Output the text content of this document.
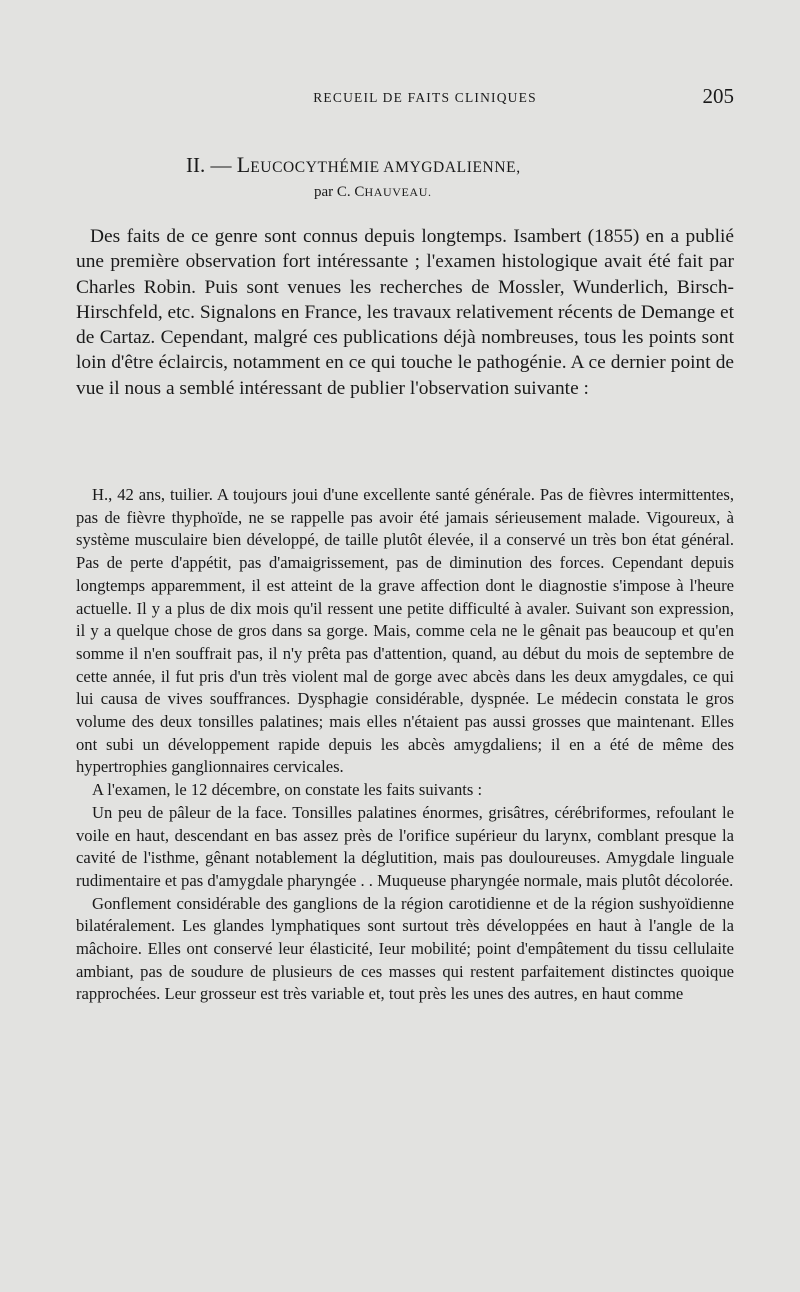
RECUEIL DE FAITS CLINIQUES	205
II. — LEUCOCYTHÉMIE AMYGDALIENNE,
par C. CHAUVEAU.

Des faits de ce genre sont connus depuis longtemps. Isambert (1855) en a publié une première observation fort intéressante ; l'examen histologique avait été fait par Charles Robin. Puis sont venues les recherches de Mossler, Wunderlich, Birsch-Hirschfeld, etc. Signalons en France, les travaux relativement récents de Demange et de Cartaz. Cependant, malgré ces publications déjà nombreuses, tous les points sont loin d'être éclaircis, notamment en ce qui touche le pathogénie. A ce dernier point de vue il nous a semblé intéressant de publier l'observation suivante :

H., 42 ans, tuilier. A toujours joui d'une excellente santé générale. Pas de fièvres intermittentes, pas de fièvre thyphoïde, ne se rappelle pas avoir été jamais sérieusement malade. Vigoureux, à système musculaire bien développé, de taille plutôt élevée, il a conservé un très bon état général. Pas de perte d'appétit, pas d'amaigrissement, pas de diminution des forces. Cependant depuis longtemps apparemment, il est atteint de la grave affection dont le diagnostie s'impose à l'heure actuelle. Il y a plus de dix mois qu'il ressent une petite difficulté à avaler. Suivant son expression, il y a quelque chose de gros dans sa gorge. Mais, comme cela ne le gênait pas beaucoup et qu'en somme il n'en souffrait pas, il n'y prêta pas d'attention, quand, au début du mois de septembre de cette année, il fut pris d'un très violent mal de gorge avec abcès dans les deux amygdales, ce qui lui causa de vives souffrances. Dysphagie considérable, dyspnée. Le médecin constata le gros volume des deux tonsilles palatines; mais elles n'étaient pas aussi grosses que maintenant. Elles ont subi un développement rapide depuis les abcès amygdaliens; il en a été de même des hypertrophies ganglionnaires cervicales.

A l'examen, le 12 décembre, on constate les faits suivants :

Un peu de pâleur de la face. Tonsilles palatines énormes, grisâtres, cérébriformes, refoulant le voile en haut, descendant en bas assez près de l'orifice supérieur du larynx, comblant presque la cavité de l'isthme, gênant notablement la déglutition, mais pas douloureuses. Amygdale linguale rudimentaire et pas d'amygdale pharyngée . . Muqueuse pharyngée normale, mais plutôt décolorée.

Gonflement considérable des ganglions de la région carotidienne et de la région sushyoïdienne bilatéralement. Les glandes lymphatiques sont surtout très développées en haut à l'angle de la mâchoire. Elles ont conservé leur élasticité, Ieur mobilité; point d'empâtement du tissu cellulaite ambiant, pas de soudure de plusieurs de ces masses qui restent parfaitement distinctes quoique rapprochées. Leur grosseur est très variable et, tout près les unes des autres, en haut comme
